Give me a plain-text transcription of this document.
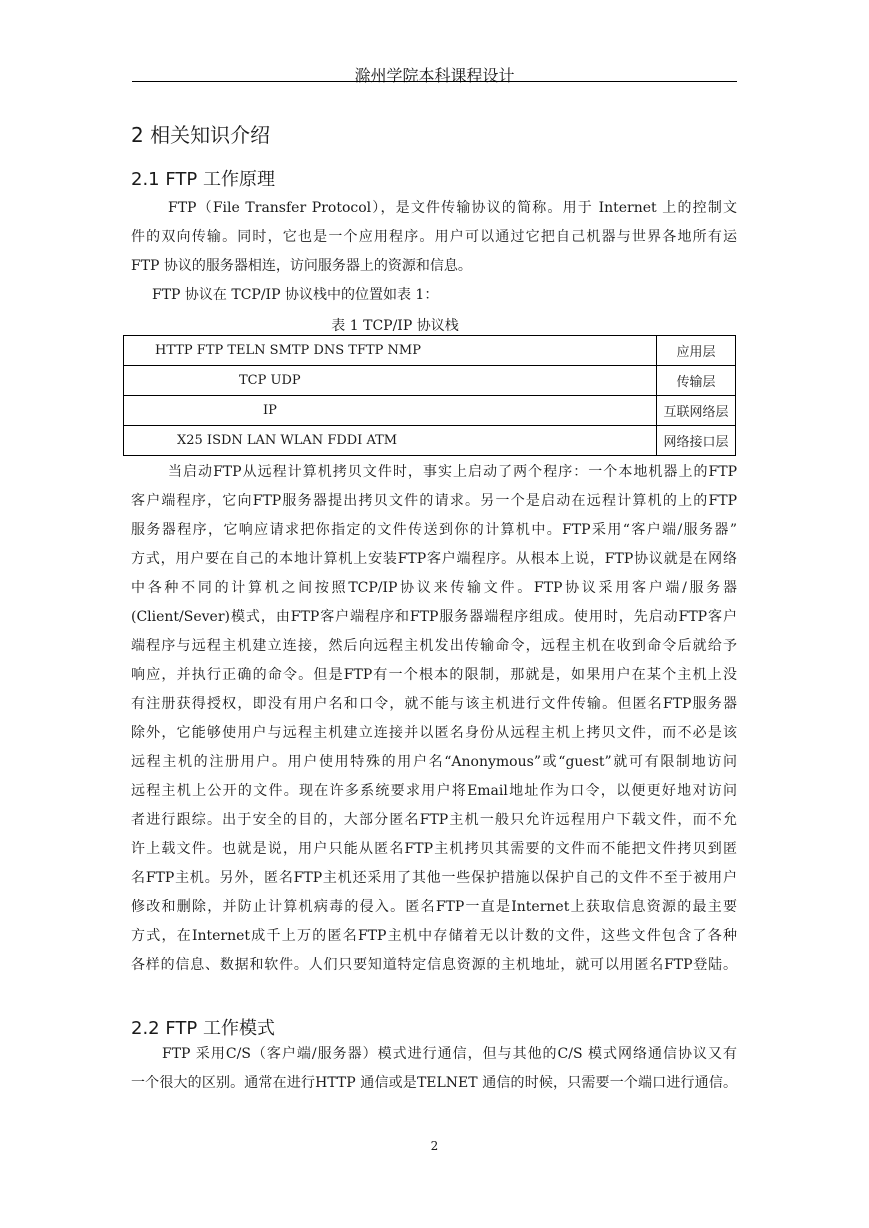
滁州学院本科课程设计
2 相关知识介绍
2.1 FTP 工作原理
FTP（File Transfer Protocol），是文件传输协议的简称。用于 Internet 上的控制文
件的双向传输。同时，它也是一个应用程序。用户可以通过它把自己机器与世界各地所有运
FTP 协议的服务器相连，访问服务器上的资源和信息。
FTP 协议在 TCP/IP 协议栈中的位置如表 1：
表 1 TCP/IP 协议栈
HTTP FTP TELN SMTP DNS TFTP NMP	应用层
TCP UDP	传输层
IP	互联网络层
X25 ISDN LAN WLAN FDDI ATM	网络接口层
当启动FTP从远程计算机拷贝文件时，事实上启动了两个程序：一个本地机器上的FTP
客户端程序，它向FTP服务器提出拷贝文件的请求。另一个是启动在远程计算机的上的FTP
服务器程序，它响应请求把你指定的文件传送到你的计算机中。FTP采用“客户端/服务器”
方式，用户要在自己的本地计算机上安装FTP客户端程序。从根本上说，FTP协议就是在网络
中各种不同的计算机之间按照TCP/IP协议来传输文件。FTP协议采用客户端/服务器
(Client/Sever)模式，由FTP客户端程序和FTP服务器端程序组成。使用时，先启动FTP客户
端程序与远程主机建立连接，然后向远程主机发出传输命令，远程主机在收到命令后就给予
响应，并执行正确的命令。但是FTP有一个根本的限制，那就是，如果用户在某个主机上没
有注册获得授权，即没有用户名和口令，就不能与该主机进行文件传输。但匿名FTP服务器
除外，它能够使用户与远程主机建立连接并以匿名身份从远程主机上拷贝文件，而不必是该
远程主机的注册用户。用户使用特殊的用户名“Anonymous”或“guest”就可有限制地访问
远程主机上公开的文件。现在许多系统要求用户将Email地址作为口令，以便更好地对访问
者进行跟综。出于安全的目的，大部分匿名FTP主机一般只允许远程用户下载文件，而不允
许上载文件。也就是说，用户只能从匿名FTP主机拷贝其需要的文件而不能把文件拷贝到匿
名FTP主机。另外，匿名FTP主机还采用了其他一些保护措施以保护自己的文件不至于被用户
修改和删除，并防止计算机病毒的侵入。匿名FTP一直是Internet上获取信息资源的最主要
方式，在Internet成千上万的匿名FTP主机中存储着无以计数的文件，这些文件包含了各种
各样的信息、数据和软件。人们只要知道特定信息资源的主机地址，就可以用匿名FTP登陆。
2.2 FTP 工作模式
FTP 采用C/S（客户端/服务器）模式进行通信，但与其他的C/S 模式网络通信协议又有
一个很大的区别。通常在进行HTTP 通信或是TELNET 通信的时候，只需要一个端口进行通信。
2
